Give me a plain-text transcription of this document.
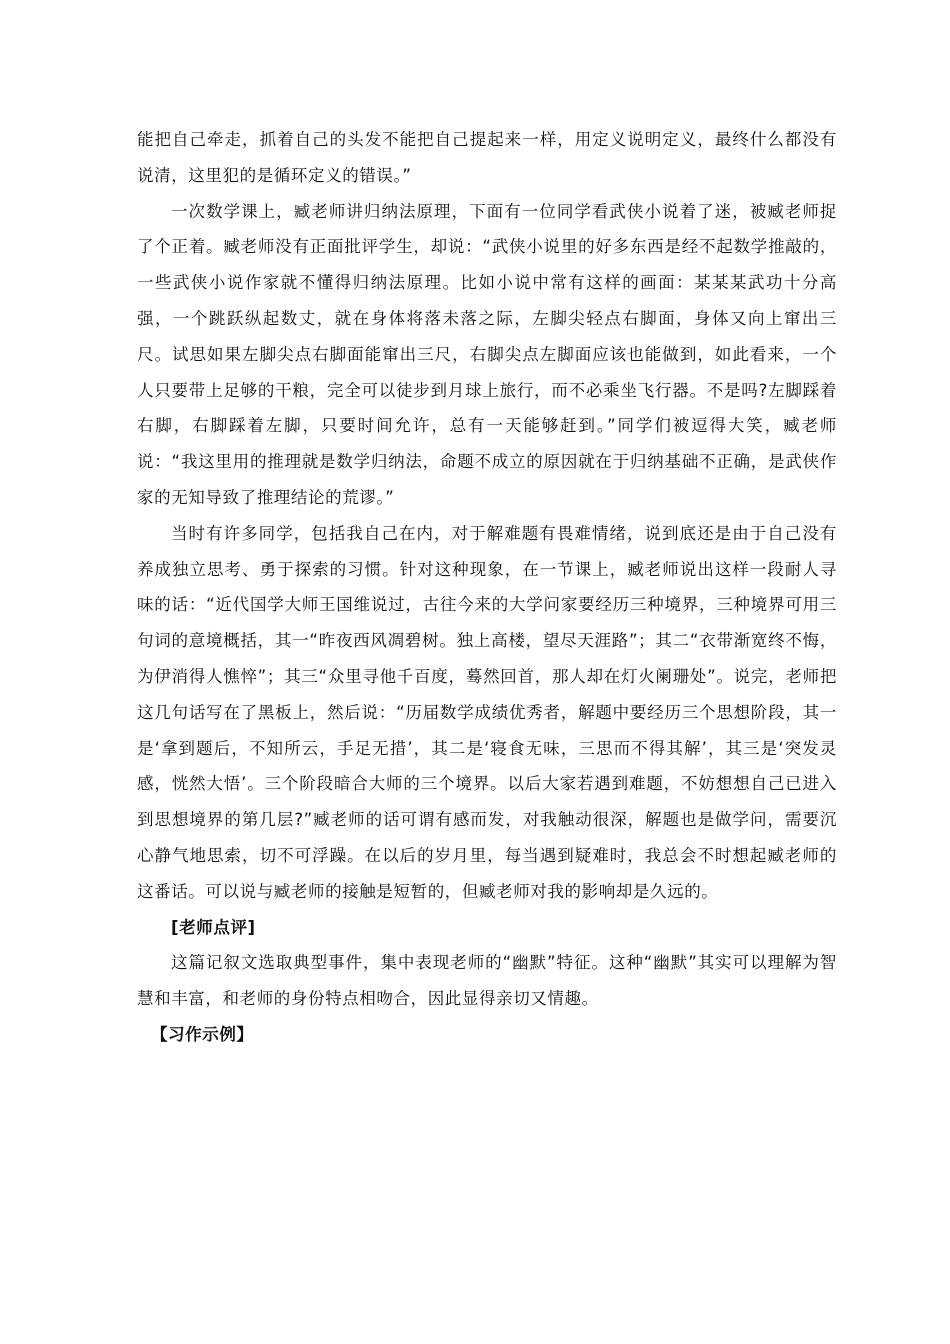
能把自己牵走，抓着自己的头发不能把自己提起来一样，用定义说明定义，最终什么都没有说清，这里犯的是循环定义的错误。”

一次数学课上，臧老师讲归纳法原理，下面有一位同学看武侠小说着了迷，被臧老师捉了个正着。臧老师没有正面批评学生，却说：“武侠小说里的好多东西是经不起数学推敲的，一些武侠小说作家就不懂得归纳法原理。比如小说中常有这样的画面：某某某武功十分高强，一个跳跃纵起数丈，就在身体将落未落之际，左脚尖轻点右脚面，身体又向上窜出三尺。试思如果左脚尖点右脚面能窜出三尺，右脚尖点左脚面应该也能做到，如此看来，一个人只要带上足够的干粮，完全可以徒步到月球上旅行，而不必乘坐飞行器。不是吗?左脚踩着右脚，右脚踩着左脚，只要时间允许，总有一天能够赶到。”同学们被逗得大笑，臧老师说：“我这里用的推理就是数学归纳法，命题不成立的原因就在于归纳基础不正确，是武侠作家的无知导致了推理结论的荒谬。”

当时有许多同学，包括我自己在内，对于解难题有畏难情绪，说到底还是由于自己没有养成独立思考、勇于探索的习惯。针对这种现象，在一节课上，臧老师说出这样一段耐人寻味的话：“近代国学大师王国维说过，古往今来的大学问家要经历三种境界，三种境界可用三句词的意境概括，其一“昨夜西风凋碧树。独上高楼，望尽天涯路”；其二“衣带渐宽终不悔，为伊消得人憔悴”；其三“众里寻他千百度，蓦然回首，那人却在灯火阑珊处”。说完，老师把这几句话写在了黑板上，然后说：“历届数学成绩优秀者，解题中要经历三个思想阶段，其一是‘拿到题后，不知所云，手足无措’，其二是‘寝食无味，三思而不得其解’，其三是‘突发灵感，恍然大悟’。三个阶段暗合大师的三个境界。以后大家若遇到难题，不妨想想自己已进入到思想境界的第几层?”臧老师的话可谓有感而发，对我触动很深，解题也是做学问，需要沉心静气地思索，切不可浮躁。在以后的岁月里，每当遇到疑难时，我总会不时想起臧老师的这番话。可以说与臧老师的接触是短暂的，但臧老师对我的影响却是久远的。

[老师点评]

这篇记叙文选取典型事件，集中表现老师的“幽默”特征。这种“幽默”其实可以理解为智慧和丰富，和老师的身份特点相吻合，因此显得亲切又情趣。

【习作示例】
